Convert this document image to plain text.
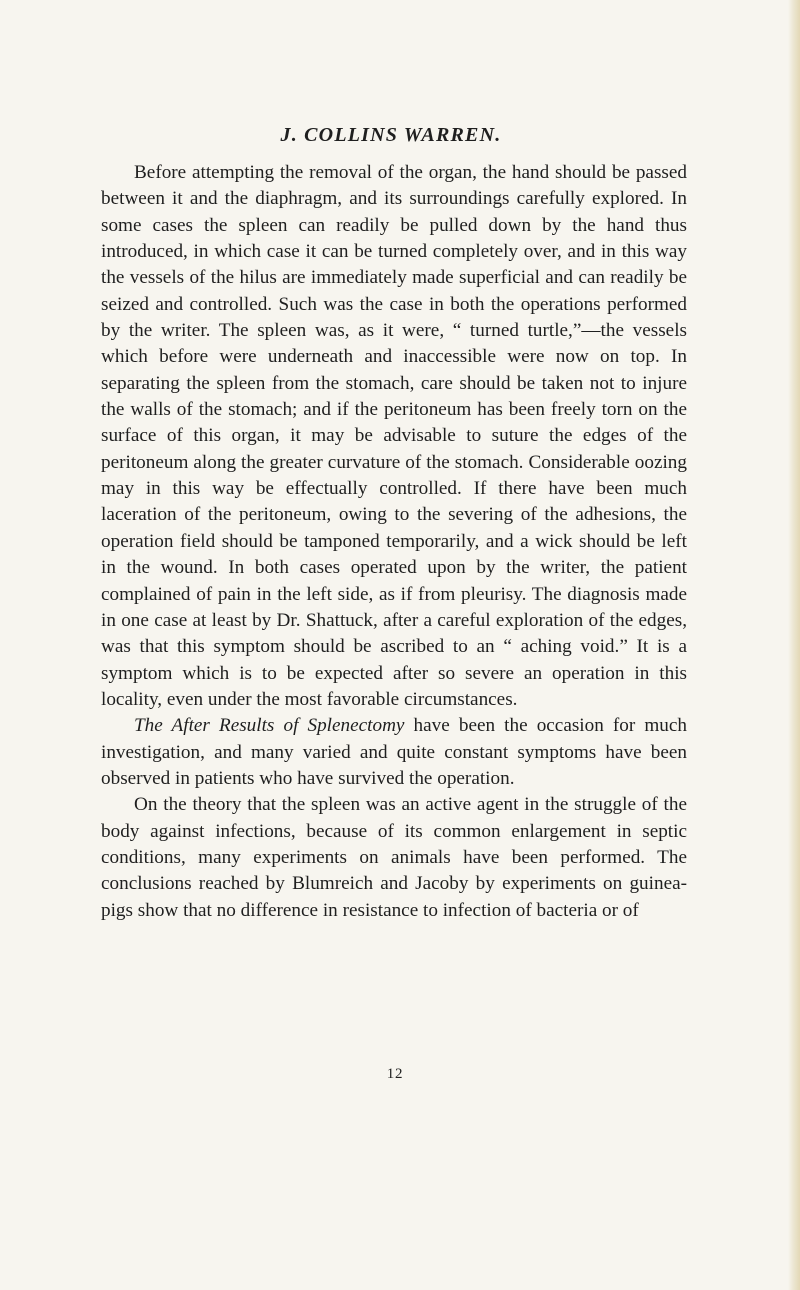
J. COLLINS WARREN.

Before attempting the removal of the organ, the hand should be passed between it and the diaphragm, and its surroundings carefully explored. In some cases the spleen can readily be pulled down by the hand thus introduced, in which case it can be turned completely over, and in this way the vessels of the hilus are immediately made superficial and can readily be seized and controlled. Such was the case in both the operations performed by the writer. The spleen was, as it were, “ turned turtle,”—the vessels which before were underneath and inaccessible were now on top. In separating the spleen from the stomach, care should be taken not to injure the walls of the stomach; and if the peritoneum has been freely torn on the surface of this organ, it may be advisable to suture the edges of the peritoneum along the greater curvature of the stomach. Considerable oozing may in this way be effectually controlled. If there have been much laceration of the peritoneum, owing to the severing of the adhesions, the operation field should be tamponed temporarily, and a wick should be left in the wound. In both cases operated upon by the writer, the patient complained of pain in the left side, as if from pleurisy. The diagnosis made in one case at least by Dr. Shattuck, after a careful exploration of the edges, was that this symptom should be ascribed to an “ aching void.” It is a symptom which is to be expected after so severe an operation in this locality, even under the most favorable circumstances.

The After Results of Splenectomy have been the occasion for much investigation, and many varied and quite constant symptoms have been observed in patients who have survived the operation.

On the theory that the spleen was an active agent in the struggle of the body against infections, because of its common enlargement in septic conditions, many experiments on animals have been performed. The conclusions reached by Blumreich and Jacoby by experiments on guinea-pigs show that no difference in resistance to infection of bacteria or of

12
